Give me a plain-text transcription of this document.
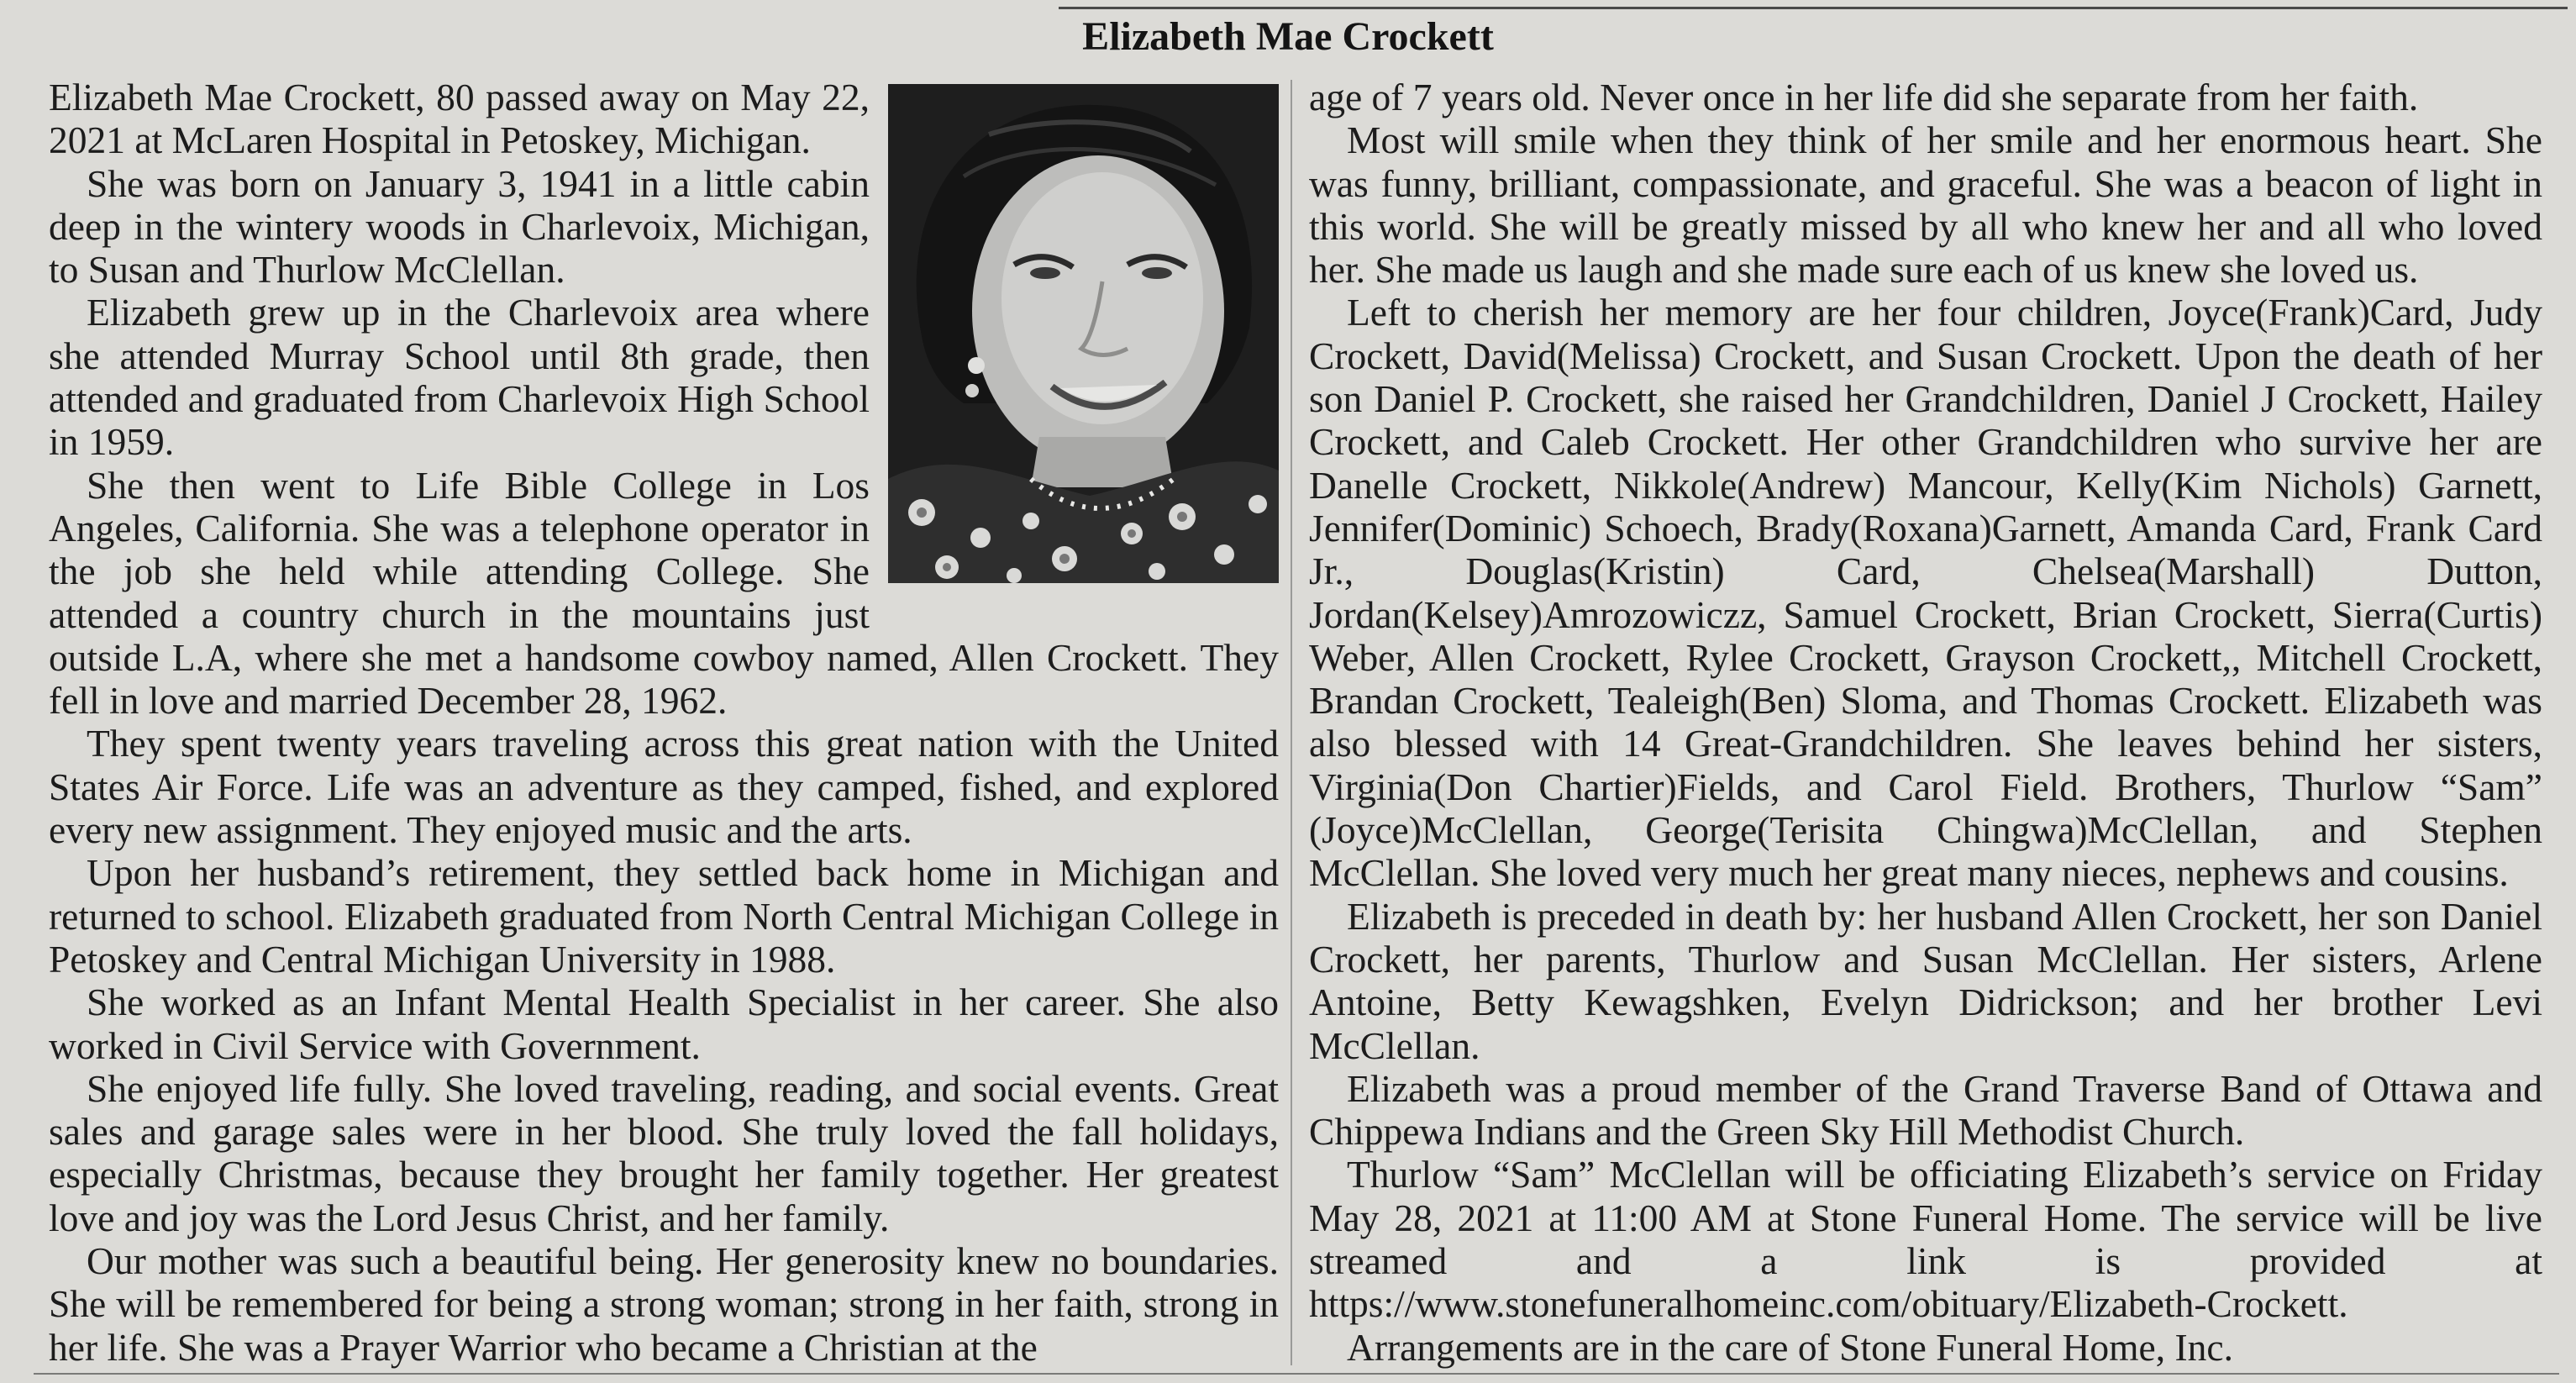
Elizabeth Mae Crockett

Elizabeth Mae Crockett, 80 passed away on May 22, 2021 at McLaren Hospital in Petoskey, Michigan.

She was born on January 3, 1941 in a little cabin deep in the wintery woods in Charlevoix, Michigan, to Susan and Thurlow McClellan.

Elizabeth grew up in the Charlevoix area where she attended Murray School until 8th grade, then attended and graduated from Charlevoix High School in 1959.

She then went to Life Bible College in Los Angeles, California. She was a telephone operator in the job she held while attending College. She attended a country church in the mountains just outside L.A, where she met a handsome cowboy named, Allen Crockett. They fell in love and married December 28, 1962.

They spent twenty years traveling across this great nation with the United States Air Force. Life was an adventure as they camped, fished, and explored every new assignment. They enjoyed music and the arts.

Upon her husband’s retirement, they settled back home in Michigan and returned to school. Elizabeth graduated from North Central Michigan College in Petoskey and Central Michigan University in 1988.

She worked as an Infant Mental Health Specialist in her career. She also worked in Civil Service with Government.

She enjoyed life fully. She loved traveling, reading, and social events. Great sales and garage sales were in her blood. She truly loved the fall holidays, especially Christmas, because they brought her family together. Her greatest love and joy was the Lord Jesus Christ, and her family.

Our mother was such a beautiful being. Her generosity knew no boundaries. She will be remembered for being a strong woman; strong in her faith, strong in her life. She was a Prayer Warrior who became a Christian at the

age of 7 years old. Never once in her life did she separate from her faith.

Most will smile when they think of her smile and her enormous heart. She was funny, brilliant, compassionate, and graceful. She was a beacon of light in this world. She will be greatly missed by all who knew her and all who loved her. She made us laugh and she made sure each of us knew she loved us.

Left to cherish her memory are her four children, Joyce(Frank)Card, Judy Crockett, David(Melissa) Crockett, and Susan Crockett. Upon the death of her son Daniel P. Crockett, she raised her Grandchildren, Daniel J Crockett, Hailey Crockett, and Caleb Crockett. Her other Grandchildren who survive her are Danelle Crockett, Nikkole(Andrew) Mancour, Kelly(Kim Nichols) Garnett, Jennifer(Dominic) Schoech, Brady(Roxana)Garnett, Amanda Card, Frank Card Jr., Douglas(Kristin) Card, Chelsea(Marshall) Dutton, Jordan(Kelsey)Amrozowiczz, Samuel Crockett, Brian Crockett, Sierra(Curtis) Weber, Allen Crockett, Rylee Crockett, Grayson Crockett,, Mitchell Crockett, Brandan Crockett, Tealeigh(Ben) Sloma, and Thomas Crockett. Elizabeth was also blessed with 14 Great-Grandchildren. She leaves behind her sisters, Virginia(Don Chartier)Fields, and Carol Field. Brothers, Thurlow “Sam” (Joyce)McClellan, George(Terisita Chingwa)McClellan, and Stephen McClellan. She loved very much her great many nieces, nephews and cousins.

Elizabeth is preceded in death by: her husband Allen Crockett, her son Daniel Crockett, her parents, Thurlow and Susan McClellan. Her sisters, Arlene Antoine, Betty Kewagshken, Evelyn Didrickson; and her brother Levi McClellan.

Elizabeth was a proud member of the Grand Traverse Band of Ottawa and Chippewa Indians and the Green Sky Hill Methodist Church.

Thurlow “Sam” McClellan will be officiating Elizabeth’s service on Friday May 28, 2021 at 11:00 AM at Stone Funeral Home. The service will be live streamed and a link is provided at https://www.stonefuneralhomeinc.com/obituary/Elizabeth-Crockett.

Arrangements are in the care of Stone Funeral Home, Inc.
